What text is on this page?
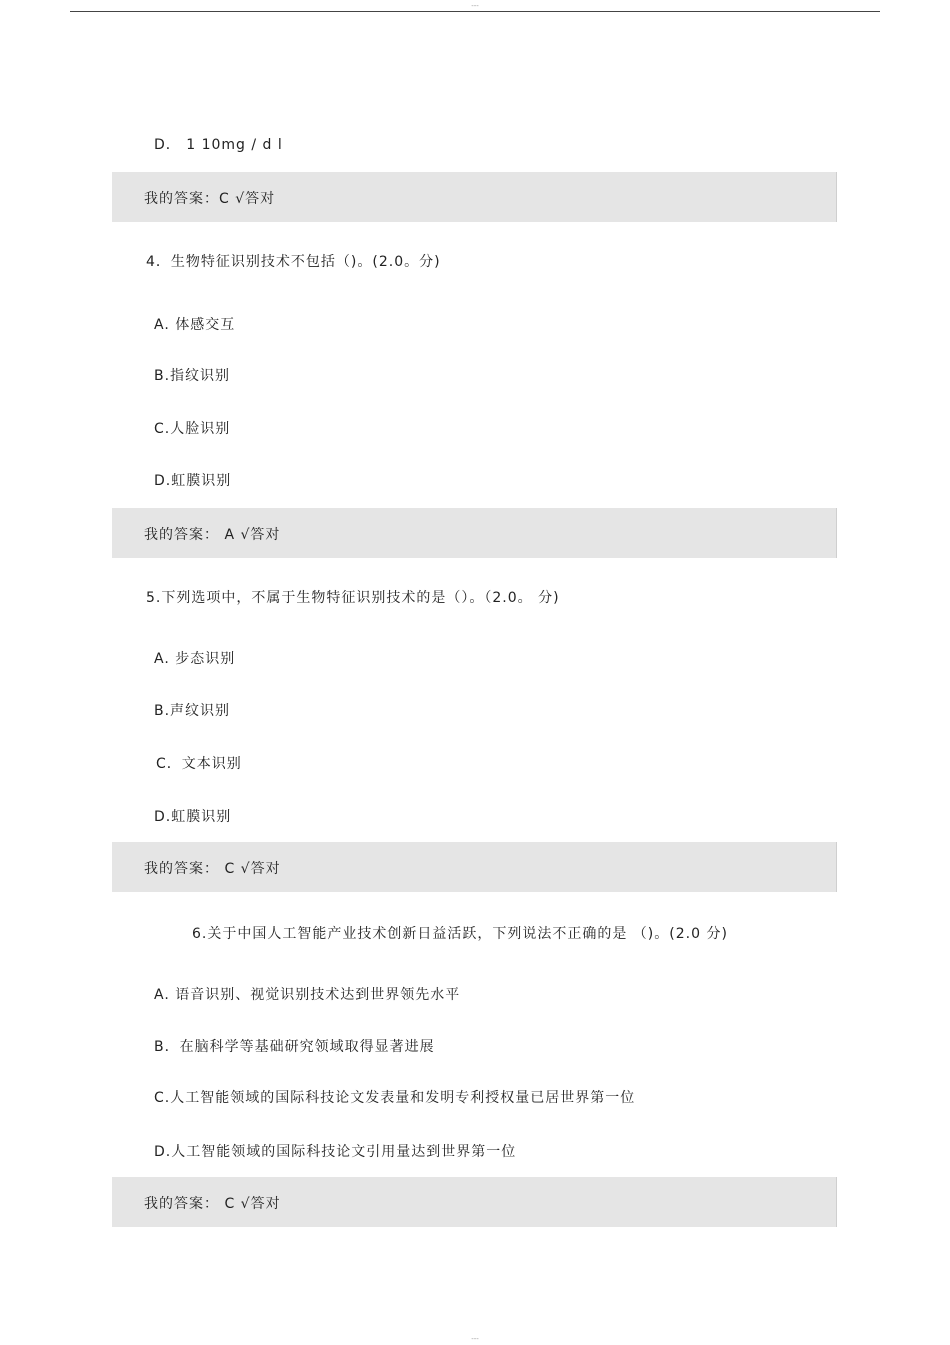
---
D． 1 10mg / d l
我的答案：C √答对
4．生物特征识别技术不包括（)。(2.0。分)
A. 体感交互
B.指纹识别
C.人脸识别
D.虹膜识别
我的答案： A √答对
5.下列选项中，不属于生物特征识别技术的是（）。（2.0。 分)
A. 步态识别
B.声纹识别
C．文本识别
D.虹膜识别
我的答案： C √答对
6.关于中国人工智能产业技术创新日益活跃，下列说法不正确的是 （)。(2.0 分)
A. 语音识别、视觉识别技术达到世界领先水平
B．在脑科学等基础研究领域取得显著进展
C.人工智能领域的国际科技论文发表量和发明专利授权量已居世界第一位
D.人工智能领域的国际科技论文引用量达到世界第一位
我的答案： C √答对
---
